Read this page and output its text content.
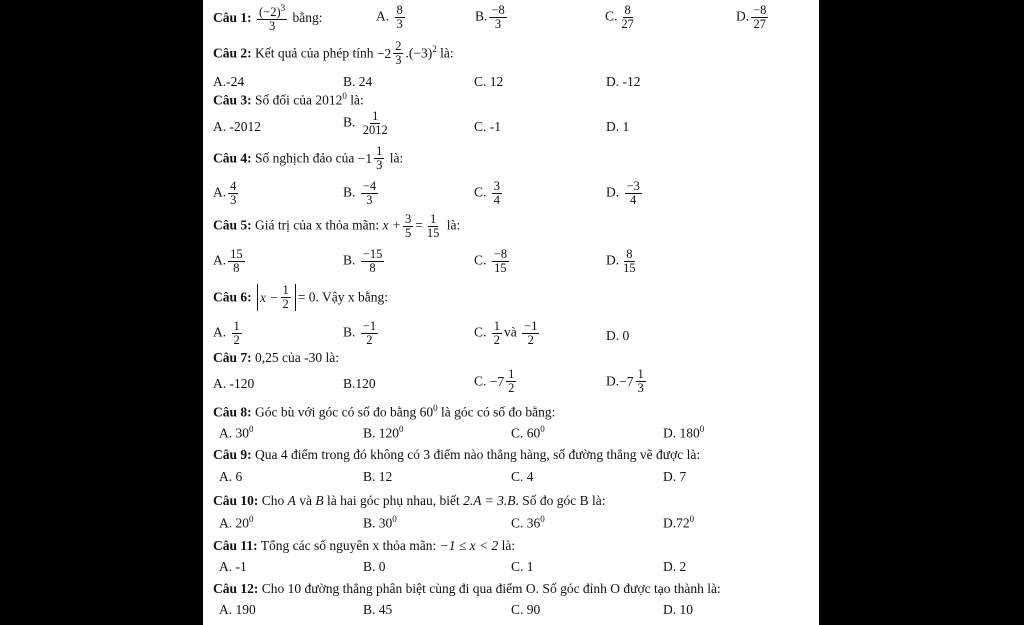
Câu 1: $\frac{(-2)^3}{3}$ bằng:	A. $\frac{8}{3}$	B. $\frac{-8}{3}$	C. $\frac{8}{27}$	D. $\frac{-8}{27}$
Câu 2: Kết quả của phép tính $-2 \frac{2}{3} .(-3)^2$ là:
A.-24	B. 24	C. 12	D. -12
Câu 3: Số đối của 2012$^0$ là:
A. -2012	B. $\frac{1}{2012}$	C. -1	D. 1
Câu 4: Số nghịch đảo của $-1 \frac{1}{3}$ là:
A. $\frac{4}{3}$	B. $\frac{-4}{3}$	C. $\frac{3}{4}$	D. $\frac{-3}{4}$
Câu 5: Giá trị của x thỏa mãn: $x + \frac{3}{5} = \frac{1}{15}$ là:
A. $\frac{15}{8}$	B. $\frac{-15}{8}$	C. $\frac{-8}{15}$	D. $\frac{8}{15}$
Câu 6: $x - \frac{1}{2} = 0$. Vậy x bằng:
A. $\frac{1}{2}$	B. $\frac{-1}{2}$	C. $\frac{1}{2}$ và $\frac{-1}{2}$	D. 0
Câu 7: 0,25 của -30 là:
A. -120	B.120	C. $-7 \frac{1}{2}$	D. $-7 \frac{1}{3}$
Câu 8: Góc bù với góc có số đo bằng $60^0$ là góc có số đo bằng:
A. $30^0$	B. $120^0$	C. $60^0$	D. $180^0$
Câu 9: Qua 4 điểm trong đó không có 3 điểm nào thẳng hàng, số đường thẳng vẽ được là:
A. 6	B. 12	C. 4	D. 7
Câu 10: Cho A và B là hai góc phụ nhau, biết 2.A = 3.B. Số đo góc B là:
A. $20^0$	B. $30^0$	C. $36^0$	$D.72^0$
Câu 11: Tổng các số nguyên x thỏa mãn: −1 ≤ x < 2 là:
A. -1	B. 0	C. 1	D. 2
Câu 12: Cho 10 đường thẳng phân biệt cùng đi qua điểm O. Số góc đỉnh O được tạo thành là:
A. 190	B. 45	C. 90	D. 10
